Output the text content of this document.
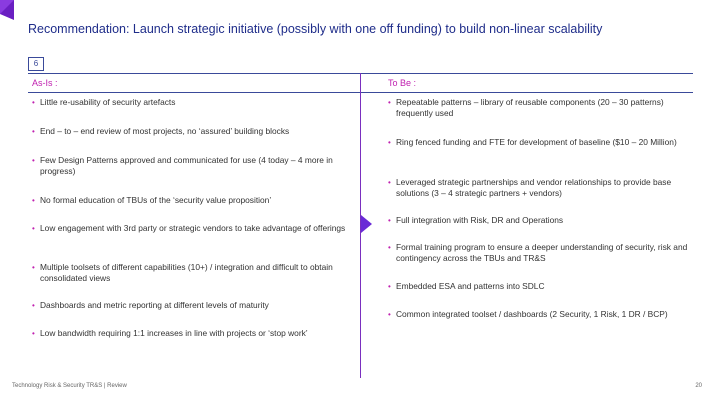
Recommendation: Launch strategic initiative (possibly with one off funding) to build non-linear scalability
6
As-Is :	To Be :
• Little re-usability of security artefacts
• End – to – end review of most projects, no ‘assured’ building blocks
• Few Design Patterns approved and communicated for use (4 today – 4 more in progress)
• No formal education of TBUs of the ‘security value proposition’
• Low engagement with 3rd party or strategic vendors to take advantage of offerings
• Multiple toolsets of different capabilities (10+) / integration and difficult to obtain consolidated views
• Dashboards and metric reporting at different levels of maturity
• Low bandwidth requiring 1:1 increases in line with projects or ‘stop work’
• Repeatable patterns – library of reusable components (20 – 30 patterns) frequently used
• Ring fenced funding and FTE for development of baseline ($10 – 20 Million)
• Leveraged strategic partnerships and vendor relationships to provide base solutions (3 – 4 strategic partners + vendors)
• Full integration with Risk, DR and Operations
• Formal training program to ensure a deeper understanding of security, risk and contingency across the TBUs and TR&S
• Embedded ESA and patterns into SDLC
• Common integrated toolset / dashboards (2 Security, 1 Risk, 1 DR / BCP)
Technology Risk & Security TR&S | Review	20
